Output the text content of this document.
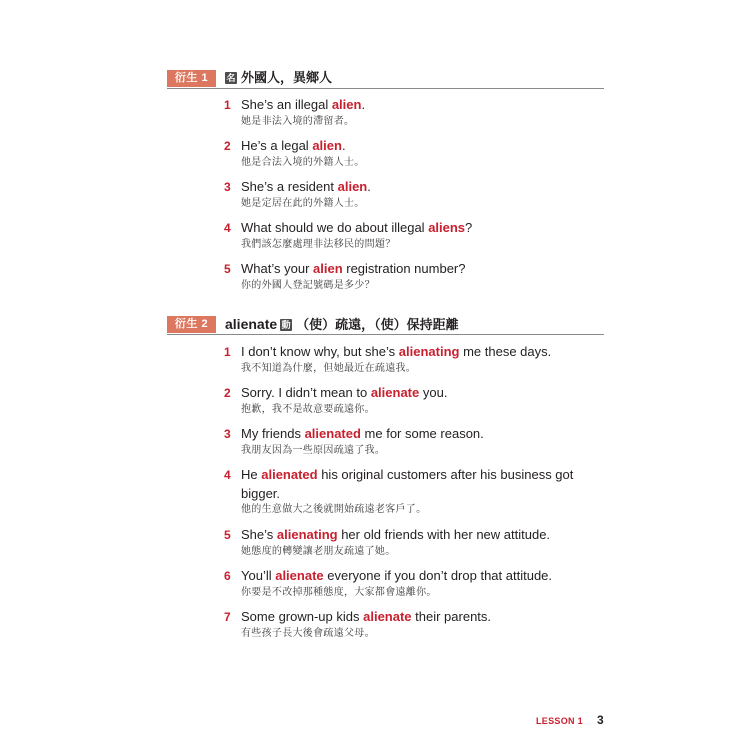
衍生 1	名 外國人，異鄉人
1 She’s an illegal alien.

她是非法入境的滯留者。

2 He’s a legal alien.

他是合法入境的外籍人士。

3 She’s a resident alien.

她是定居在此的外籍人士。

4 What should we do about illegal aliens?

我們該怎麼處理非法移民的問題？

5 What’s your alien registration number?

你的外國人登記號碼是多少？

衍生 2	alienate 動 （使）疏遠，（使）保持距離
1 I don’t know why, but she’s alienating me these days.

我不知道為什麼，但她最近在疏遠我。

2 Sorry. I didn’t mean to alienate you.

抱歉，我不是故意要疏遠你。

3 My friends alienated me for some reason.

我朋友因為一些原因疏遠了我。

4 He alienated his original customers after his business got bigger.

他的生意做大之後就開始疏遠老客戶了。

5 She’s alienating her old friends with her new attitude.

她態度的轉變讓老朋友疏遠了她。

6 You’ll alienate everyone if you don’t drop that attitude.

你要是不改掉那種態度，大家都會遠離你。

7 Some grown-up kids alienate their parents.

有些孩子長大後會疏遠父母。

LESSON 1 3
